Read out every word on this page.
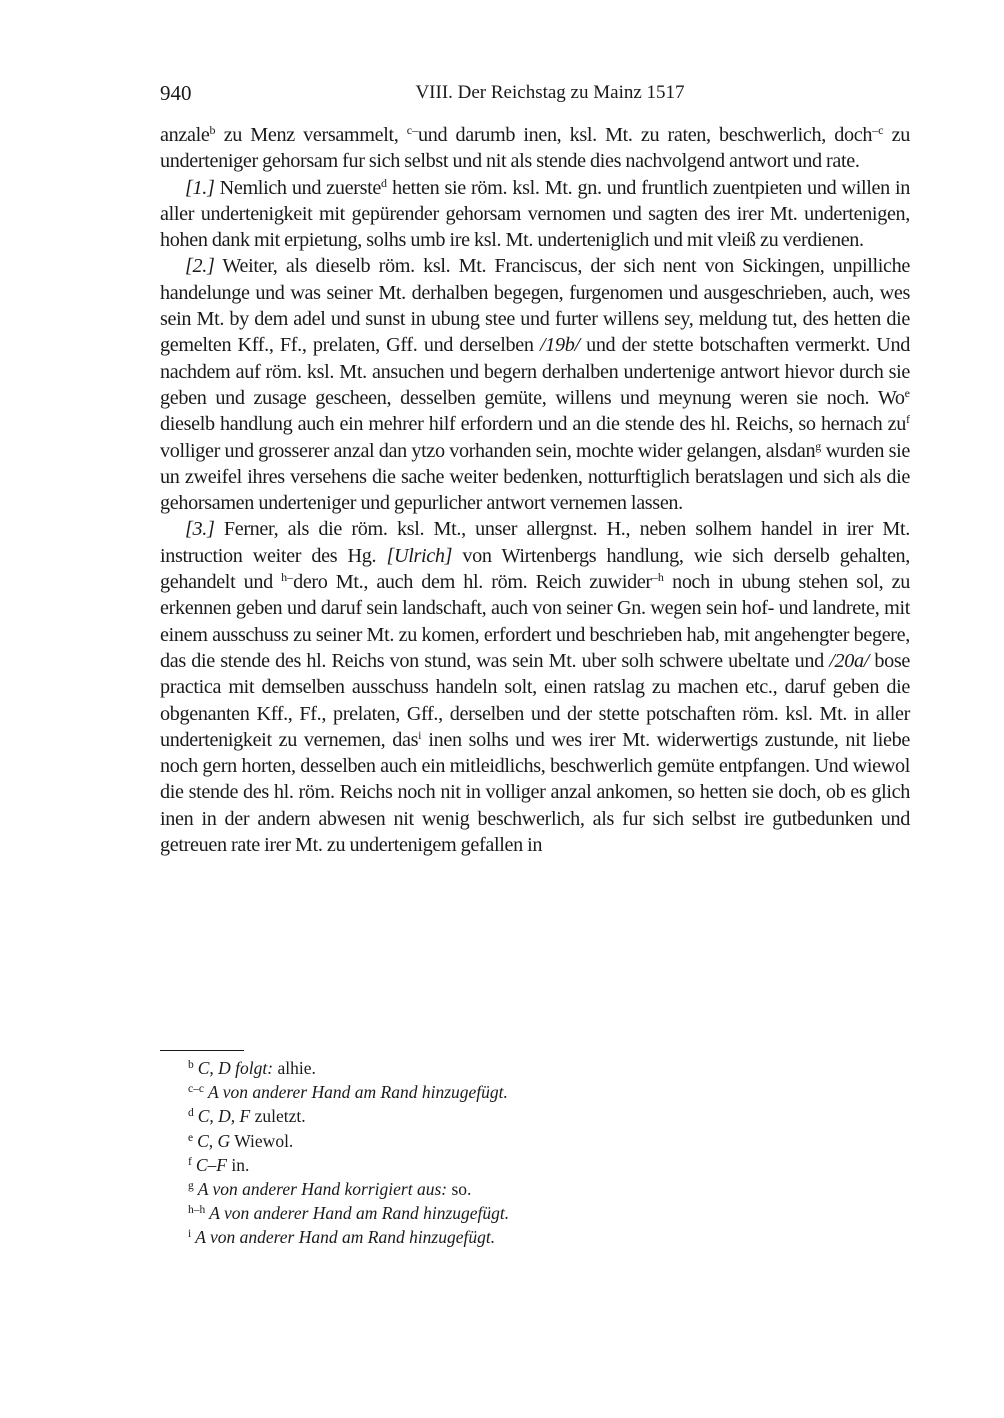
940	VIII. Der Reichstag zu Mainz 1517

anzale$^b$ zu Menz versammelt, $^{c-}$und darumb inen, ksl. Mt. zu raten, beschwerlich, doch$^{-c}$ zu underteniger gehorsam fur sich selbst und nit als stende dies nachvolgend antwort und rate.

[1.] Nemlich und zuerste$^d$ hetten sie röm. ksl. Mt. gn. und fruntlich zuentpieten und willen in aller undertenigkeit mit gepürender gehorsam vernomen und sagten des irer Mt. undertenigen, hohen dank mit erpietung, solhs umb ire ksl. Mt. underteniglich und mit vleiß zu verdienen.

[2.] Weiter, als dieselb röm. ksl. Mt. Franciscus, der sich nent von Sickingen, unpilliche handelunge und was seiner Mt. derhalben begegen, furgenomen und ausgeschrieben, auch, wes sein Mt. by dem adel und sunst in ubung stee und furter willens sey, meldung tut, des hetten die gemelten Kff., Ff., prelaten, Gff. und derselben /19b/ und der stette botschaften vermerkt. Und nachdem auf röm. ksl. Mt. ansuchen und begern derhalben undertenige antwort hievor durch sie geben und zusage gescheen, desselben gemüte, willens und meynung weren sie noch. Wo$^e$ dieselb handlung auch ein mehrer hilf erfordern und an die stende des hl. Reichs, so hernach zu$^f$ volliger und grosserer anzal dan ytzo vorhanden sein, mochte wider gelangen, alsdan$^g$ wurden sie un zweifel ihres versehens die sache weiter bedenken, notturftiglich beratslagen und sich als die gehorsamen underteniger und gepurlicher antwort vernemen lassen.

[3.] Ferner, als die röm. ksl. Mt., unser allergnst. H., neben solhem handel in irer Mt. instruction weiter des Hg. [Ulrich] von Wirtenbergs handlung, wie sich derselb gehalten, gehandelt und $^{h-}$dero Mt., auch dem hl. röm. Reich zuwider$^{-h}$ noch in ubung stehen sol, zu erkennen geben und daruf sein landschaft, auch von seiner Gn. wegen sein hof- und landrete, mit einem ausschuss zu seiner Mt. zu komen, erfordert und beschrieben hab, mit angehengter begere, das die stende des hl. Reichs von stund, was sein Mt. uber solh schwere ubeltate und /20a/ bose practica mit demselben ausschuss handeln solt, einen ratslag zu machen etc., daruf geben die obgenanten Kff., Ff., prelaten, Gff., derselben und der stette potschaften röm. ksl. Mt. in aller undertenigkeit zu vernemen, das$^i$ inen solhs und wes irer Mt. widerwertigs zustunde, nit liebe noch gern horten, desselben auch ein mitleidlichs, beschwerlich gemüte entpfangen. Und wiewol die stende des hl. röm. Reichs noch nit in volliger anzal ankomen, so hetten sie doch, ob es glich inen in der andern abwesen nit wenig beschwerlich, als fur sich selbst ire gutbedunken und getreuen rate irer Mt. zu undertenigem gefallen in

$^b$ C, D folgt: alhie.
$^{c-c}$ A von anderer Hand am Rand hinzugefügt.
$^d$ C, D, F zuletzt.
$^e$ C, G Wiewol.
$^f$ C–F in.
$^g$ A von anderer Hand korrigiert aus: so.
$^{h-h}$ A von anderer Hand am Rand hinzugefügt.
$^i$ A von anderer Hand am Rand hinzugefügt.
